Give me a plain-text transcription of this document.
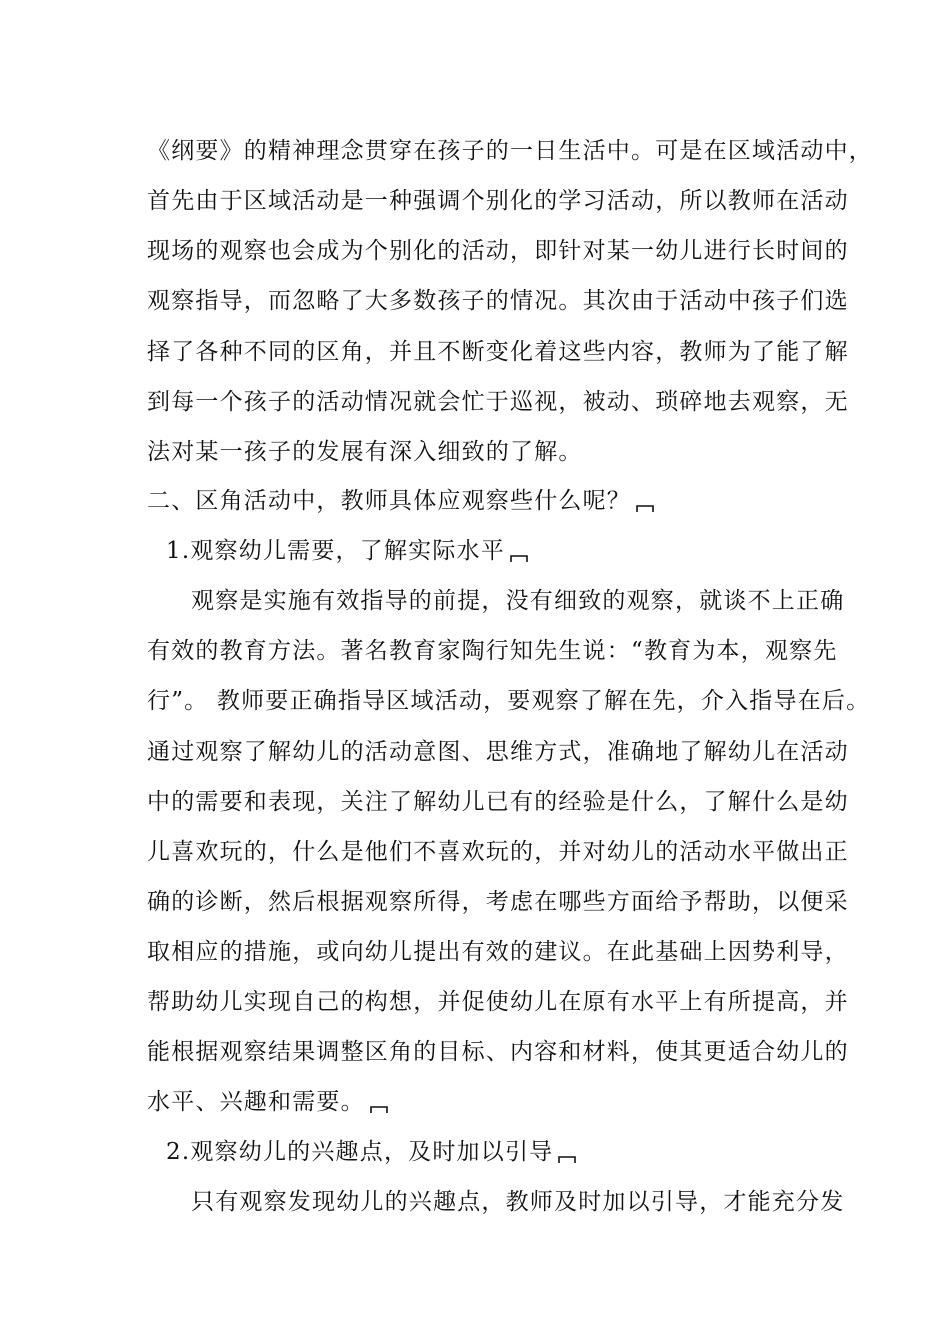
《纲要》的精神理念贯穿在孩子的一日生活中。可是在区域活动中，
首先由于区域活动是一种强调个别化的学习活动，所以教师在活动
现场的观察也会成为个别化的活动，即针对某一幼儿进行长时间的
观察指导，而忽略了大多数孩子的情况。其次由于活动中孩子们选
择了各种不同的区角，并且不断变化着这些内容，教师为了能了解
到每一个孩子的活动情况就会忙于巡视，被动、琐碎地去观察，无
法对某一孩子的发展有深入细致的了解。
二、区角活动中，教师具体应观察些什么呢？
1.观察幼儿需要，了解实际水平
观察是实施有效指导的前提，没有细致的观察，就谈不上正确
有效的教育方法。著名教育家陶行知先生说：“教育为本，观察先
行”。 教师要正确指导区域活动，要观察了解在先，介入指导在后。
通过观察了解幼儿的活动意图、思维方式，准确地了解幼儿在活动
中的需要和表现，关注了解幼儿已有的经验是什么，了解什么是幼
儿喜欢玩的，什么是他们不喜欢玩的，并对幼儿的活动水平做出正
确的诊断，然后根据观察所得，考虑在哪些方面给予帮助，以便采
取相应的措施，或向幼儿提出有效的建议。在此基础上因势利导，
帮助幼儿实现自己的构想，并促使幼儿在原有水平上有所提高，并
能根据观察结果调整区角的目标、内容和材料，使其更适合幼儿的
水平、兴趣和需要。
2.观察幼儿的兴趣点，及时加以引导
只有观察发现幼儿的兴趣点，教师及时加以引导，才能充分发
